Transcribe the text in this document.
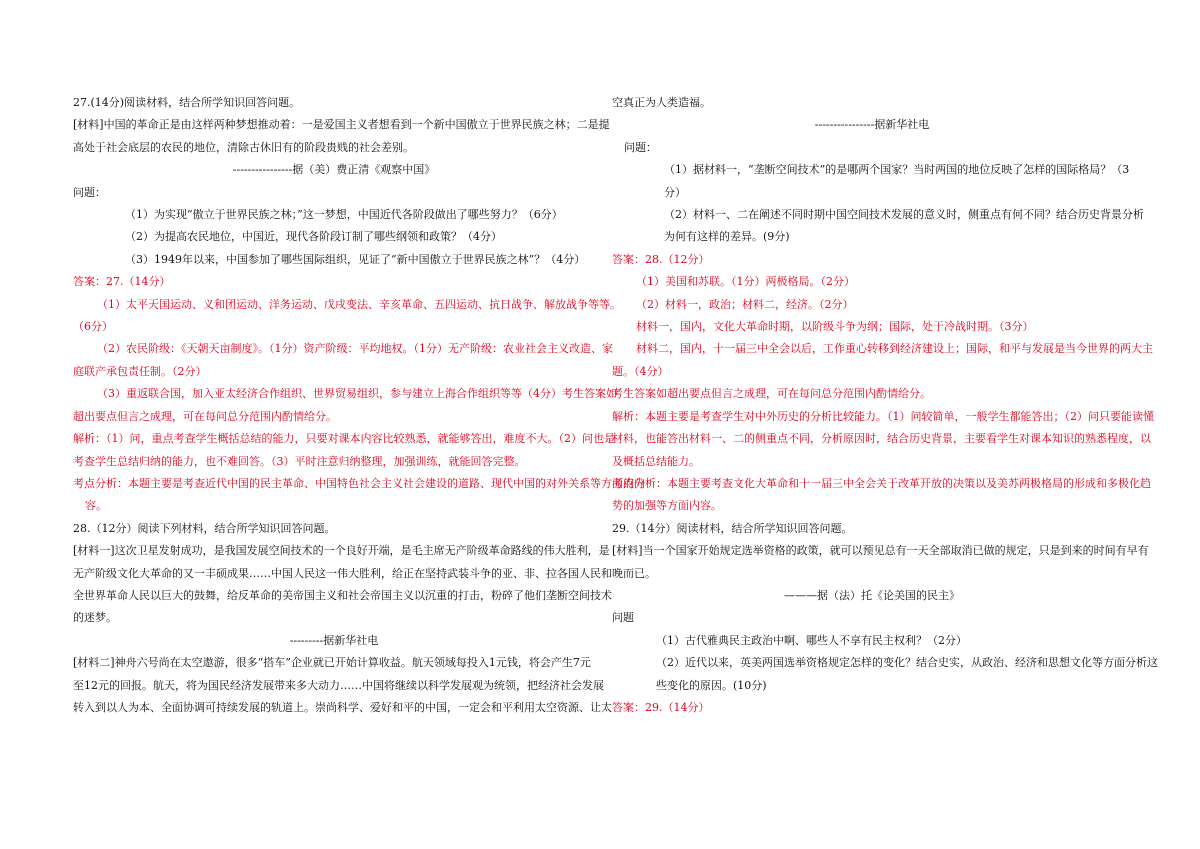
27.(14分)阅读材料，结合所学知识回答问题。

[材料]中国的革命正是由这样两种梦想推动着：一是爱国主义者想看到一个新中国傲立于世界民族之林；二是提

高处于社会底层的农民的地位，清除古休旧有的阶段贵贱的社会差别。

----------------据（美）费正清《观察中国》

问题：

（1）为实现“傲立于世界民族之林；”这一梦想，中国近代各阶段做出了哪些努力？（6分）

（2）为提高农民地位，中国近，现代各阶段订制了哪些纲领和政策？（4分）

（3）1949年以来，中国参加了哪些国际组织，见证了“新中国傲立于世界民族之林”？（4分）

答案：27.（14分）

（1）太平天国运动、义和团运动、洋务运动、戊戌变法、辛亥革命、五四运动、抗日战争、解放战争等等。

（6分）

（2）农民阶级：《天朝天亩制度》。（1分）资产阶级：平均地权。（1分）无产阶级：农业社会主义改造、家

庭联产承包责任制。（2分）

（3）重返联合国，加入亚太经济合作组织、世界贸易组织，参与建立上海合作组织等等（4分）考生答案如

超出要点但言之成理，可在每问总分范围内酌情给分。

解析：（1）问，重点考查学生概括总结的能力，只要对课本内容比较熟悉，就能够答出，难度不大。（2）问也是

考查学生总结归纳的能力，也不难回答。（3）平时注意归纳整理，加强训练，就能回答完整。

考点分析：本题主要是考查近代中国的民主革命、中国特色社会主义社会建设的道路、现代中国的对外关系等方面的内

容。

28.（12分）阅读下列材料，结合所学知识回答问题。

[材料一]这次卫星发射成功，是我国发展空间技术的一个良好开端，是毛主席无产阶级革命路线的伟大胜利，是

无产阶级文化大革命的又一丰硕成果……中国人民这一伟大胜利，给正在坚持武装斗争的亚、非、拉各国人民和

全世界革命人民以巨大的鼓舞，给反革命的美帝国主义和社会帝国主义以沉重的打击，粉碎了他们垄断空间技术

的迷梦。

---------据新华社电

[材料二]神舟六号尚在太空遨游，很多“搭车”企业就已开始计算收益。航天领域每投入1元钱，将会产生7元

至12元的回报。航天，将为国民经济发展带来多大动力……中国将继续以科学发展观为统领，把经济社会发展

转入到以人为本、全面协调可持续发展的轨道上。崇尚科学、爱好和平的中国，一定会和平利用太空资源、让太

空真正为人类造福。

----------------据新华社电

问题：

（1）据材料一，“垄断空间技术”的是哪两个国家？当时两国的地位反映了怎样的国际格局？（3

分）

（2）材料一、二在阐述不同时期中国空间技术发展的意义时，侧重点有何不同？结合历史背景分析

为何有这样的差异。(9分)

答案：28.（12分）

（1）美国和苏联。（1分）两极格局。（2分）

（2）材料一，政治；材料二，经济。（2分）

材料一，国内，文化大革命时期，以阶级斗争为纲；国际，处于冷战时期。（3分）

材料二，国内，十一届三中全会以后，工作重心转移到经济建设上；国际，和平与发展是当今世界的两大主

题。（4分）

考生答案如超出要点但言之成理，可在每问总分范围内酌情给分。

解析：本题主要是考查学生对中外历史的分析比较能力。（1）问较简单，一般学生都能答出；（2）问只要能读懂

材料，也能答出材料一、二的侧重点不同，分析原因时，结合历史背景，主要看学生对课本知识的熟悉程度，以

及概括总结能力。

考点分析：本题主要考查文化大革命和十一届三中全会关于改革开放的决策以及美苏两极格局的形成和多极化趋

势的加强等方面内容。

29.（14分）阅读材料，结合所学知识回答问题。

[材料]当一个国家开始规定选举资格的政策，就可以预见总有一天全部取消已做的规定，只是到来的时间有早有

晚而已。

———据（法）托《论美国的民主》

问题

（1）古代雅典民主政治中啊、哪些人不享有民主权利？（2分）

（2）近代以来，英美两国选举资格规定怎样的变化？结合史实，从政治、经济和思想文化等方面分析这

些变化的原因。(10分)

答案：29.（14分）
